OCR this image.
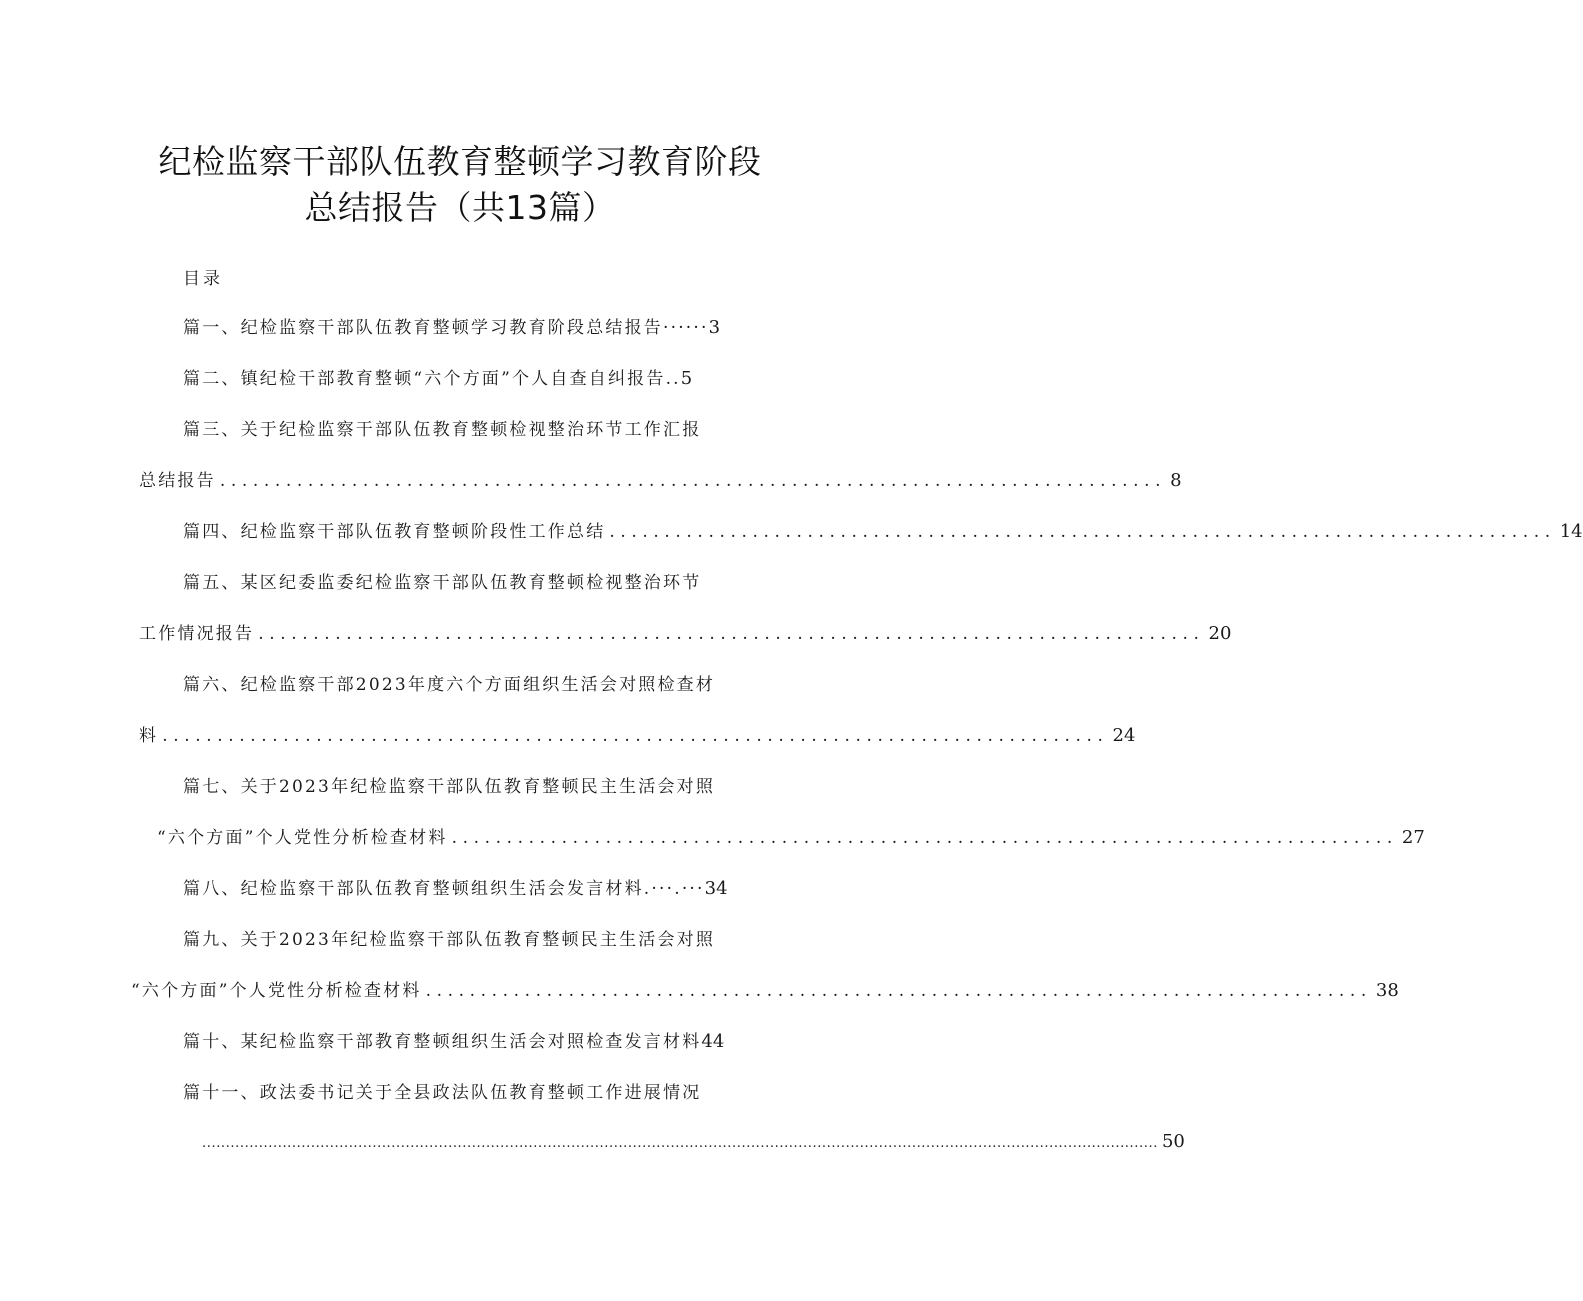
纪检监察干部队伍教育整顿学习教育阶段
总结报告（共13篇）
目录
篇一、纪检监察干部队伍教育整顿学习教育阶段总结报告······3
篇二、镇纪检干部教育整顿“六个方面”个人自查自纠报告..5
篇三、关于纪检监察干部队伍教育整顿检视整治环节工作汇报
总结报告 ...................................................................................... 8
篇四、纪检监察干部队伍教育整顿阶段性工作总结 ...................................................................................... 14
篇五、某区纪委监委纪检监察干部队伍教育整顿检视整治环节
工作情况报告 ...................................................................................... 20
篇六、纪检监察干部2023年度六个方面组织生活会对照检查材
料 ...................................................................................... 24
篇七、关于2023年纪检监察干部队伍教育整顿民主生活会对照
“六个方面”个人党性分析检查材料 ...................................................................................... 27
篇八、纪检监察干部队伍教育整顿组织生活会发言材料.···.···34
篇九、关于2023年纪检监察干部队伍教育整顿民主生活会对照
“六个方面”个人党性分析检查材料 ...................................................................................... 38
篇十、某纪检监察干部教育整顿组织生活会对照检查发言材料44
篇十一、政法委书记关于全县政法队伍教育整顿工作进展情况
.......................................................................................................................................................................................................... 50
